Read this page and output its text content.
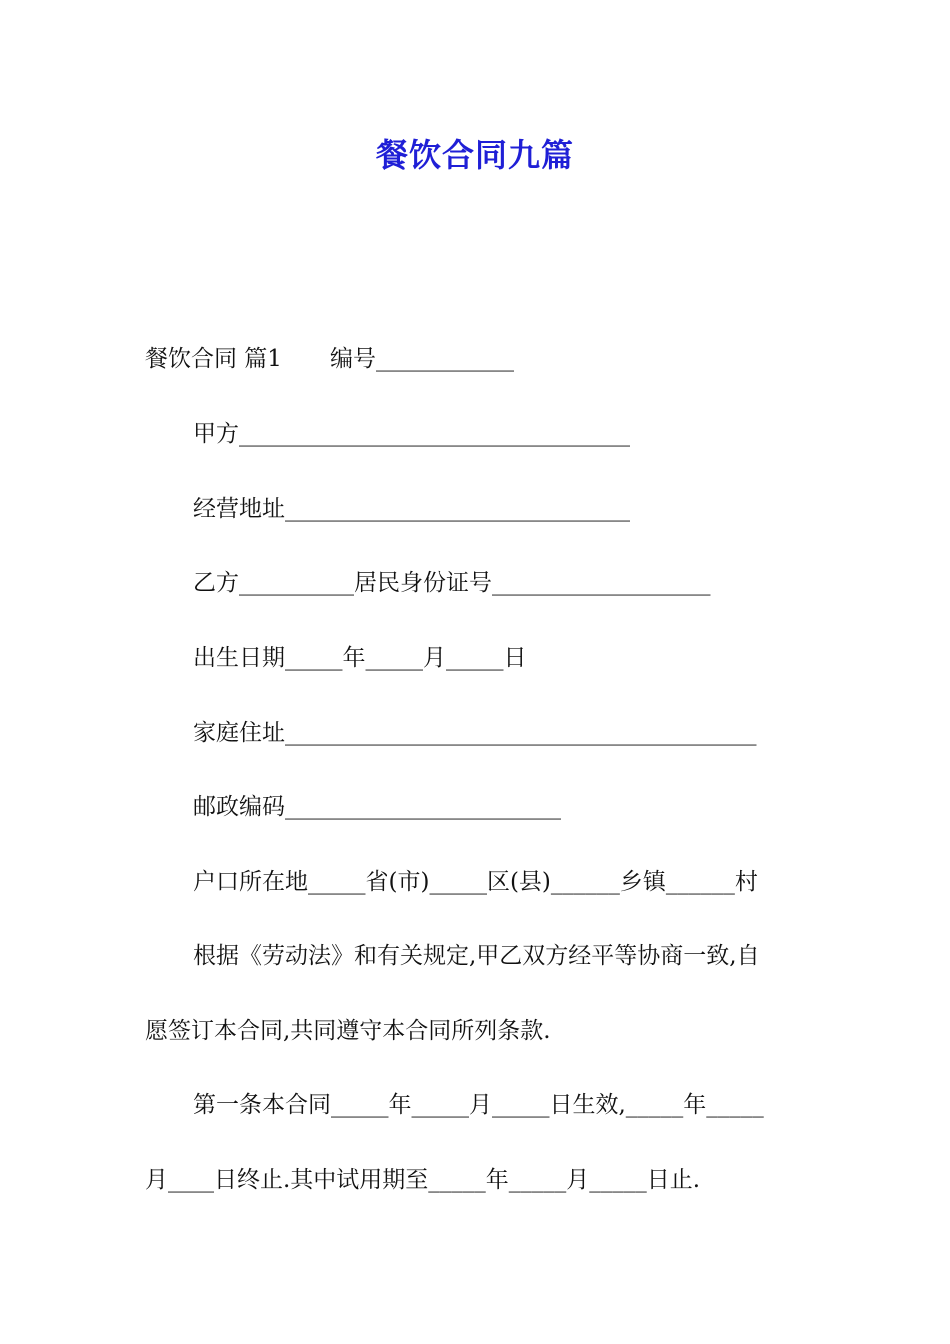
餐饮合同九篇
餐饮合同 篇1 编号____________
甲方__________________________________
经营地址______________________________
乙方__________居民身份证号___________________
出生日期_____年_____月_____日
家庭住址_________________________________________
邮政编码________________________
户口所在地_____省(市)_____区(县)______乡镇______村
根据《劳动法》和有关规定,甲乙双方经平等协商一致,自
愿签订本合同,共同遵守本合同所列条款.
第一条本合同_____年_____月_____日生效,_____年_____
月____日终止.其中试用期至_____年_____月_____日止.
